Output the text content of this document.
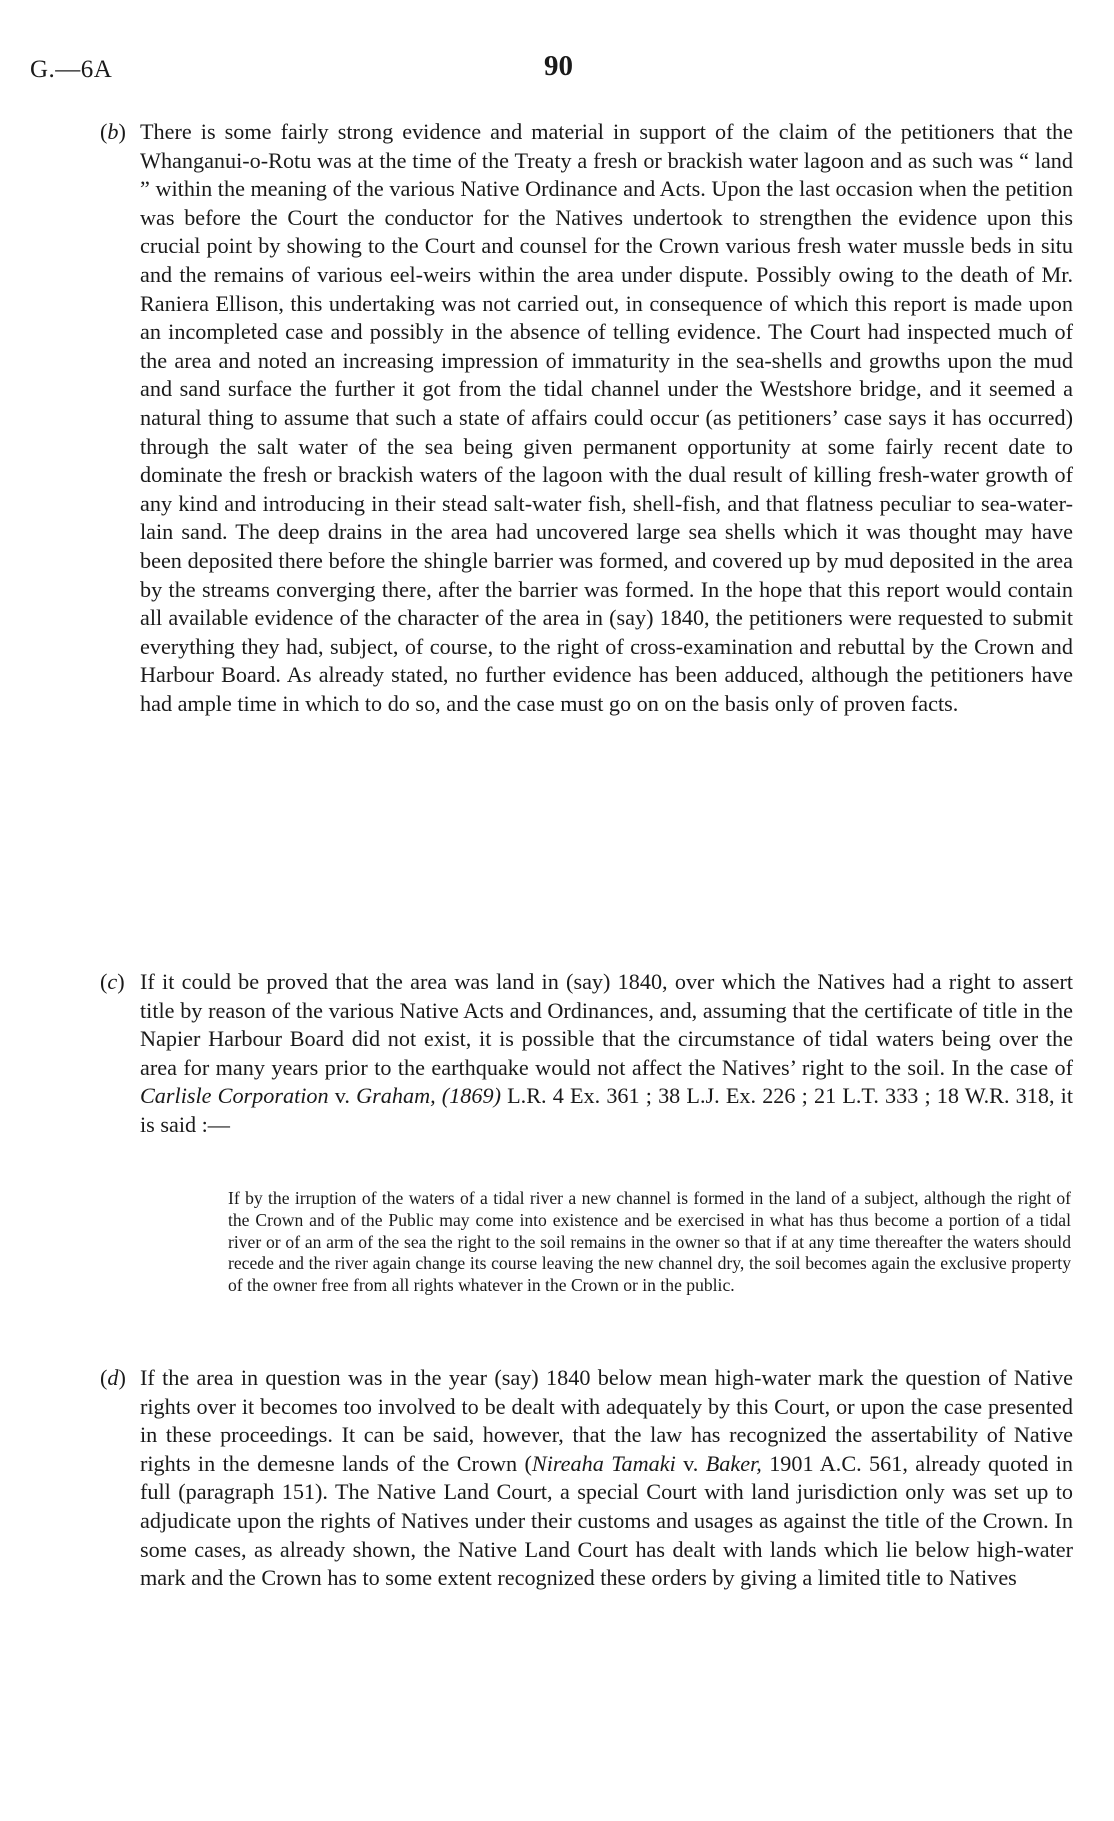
G.—6A	90

(b) There is some fairly strong evidence and material in support of the claim of the petitioners that the Whanganui-o-Rotu was at the time of the Treaty a fresh or brackish water lagoon and as such was “ land ” within the meaning of the various Native Ordinance and Acts. Upon the last occasion when the petition was before the Court the conductor for the Natives undertook to strengthen the evidence upon this crucial point by showing to the Court and counsel for the Crown various fresh water mussle beds in situ and the remains of various eel-weirs within the area under dispute. Possibly owing to the death of Mr. Raniera Ellison, this undertaking was not carried out, in consequence of which this report is made upon an incompleted case and possibly in the absence of telling evidence. The Court had inspected much of the area and noted an increasing impression of immaturity in the sea-shells and growths upon the mud and sand surface the further it got from the tidal channel under the Westshore bridge, and it seemed a natural thing to assume that such a state of affairs could occur (as petitioners’ case says it has occurred) through the salt water of the sea being given permanent opportunity at some fairly recent date to dominate the fresh or brackish waters of the lagoon with the dual result of killing fresh-water growth of any kind and introducing in their stead salt-water fish, shell-fish, and that flatness peculiar to sea-water-lain sand. The deep drains in the area had uncovered large sea shells which it was thought may have been deposited there before the shingle barrier was formed, and covered up by mud deposited in the area by the streams converging there, after the barrier was formed. In the hope that this report would contain all available evidence of the character of the area in (say) 1840, the petitioners were requested to submit everything they had, subject, of course, to the right of cross-examination and rebuttal by the Crown and Harbour Board. As already stated, no further evidence has been adduced, although the petitioners have had ample time in which to do so, and the case must go on on the basis only of proven facts.

(c) If it could be proved that the area was land in (say) 1840, over which the Natives had a right to assert title by reason of the various Native Acts and Ordinances, and, assuming that the certificate of title in the Napier Harbour Board did not exist, it is possible that the circumstance of tidal waters being over the area for many years prior to the earthquake would not affect the Natives’ right to the soil. In the case of Carlisle Corporation v. Graham, (1869) L.R. 4 Ex. 361 ; 38 L.J. Ex. 226 ; 21 L.T. 333 ; 18 W.R. 318, it is said :—

If by the irruption of the waters of a tidal river a new channel is formed in the land of a subject, although the right of the Crown and of the Public may come into existence and be exercised in what has thus become a portion of a tidal river or of an arm of the sea the right to the soil remains in the owner so that if at any time thereafter the waters should recede and the river again change its course leaving the new channel dry, the soil becomes again the exclusive property of the owner free from all rights whatever in the Crown or in the public.

(d) If the area in question was in the year (say) 1840 below mean high-water mark the question of Native rights over it becomes too involved to be dealt with adequately by this Court, or upon the case presented in these proceedings. It can be said, however, that the law has recognized the assertability of Native rights in the demesne lands of the Crown (Nireaha Tamaki v. Baker, 1901 A.C. 561, already quoted in full (paragraph 151). The Native Land Court, a special Court with land jurisdiction only was set up to adjudicate upon the rights of Natives under their customs and usages as against the title of the Crown. In some cases, as already shown, the Native Land Court has dealt with lands which lie below high-water mark and the Crown has to some extent recognized these orders by giving a limited title to Natives
